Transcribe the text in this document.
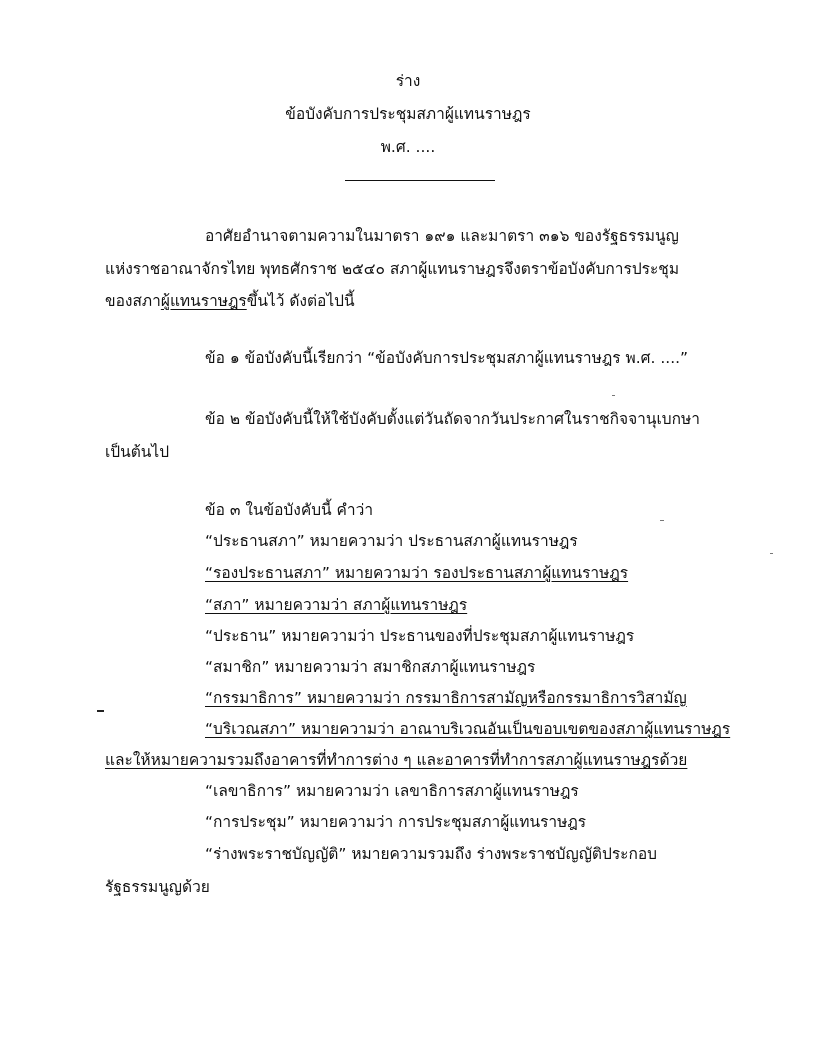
ร่าง
ข้อบังคับการประชุมสภาผู้แทนราษฎร
พ.ศ. ....
อาศัยอำนาจตามความในมาตรา ๑๙๑ และมาตรา ๓๑๖ ของรัฐธรรมนูญ
แห่งราชอาณาจักรไทย พุทธศักราช ๒๕๔๐ สภาผู้แทนราษฎรจึงตราข้อบังคับการประชุม
ของสภาผู้แทนราษฎรขึ้นไว้ ดังต่อไปนี้
ข้อ ๑ ข้อบังคับนี้เรียกว่า “ข้อบังคับการประชุมสภาผู้แทนราษฎร พ.ศ. ....”
ข้อ ๒ ข้อบังคับนี้ให้ใช้บังคับตั้งแต่วันถัดจากวันประกาศในราชกิจจานุเบกษา
เป็นต้นไป
ข้อ ๓ ในข้อบังคับนี้ คำว่า
“ประธานสภา” หมายความว่า ประธานสภาผู้แทนราษฎร
“รองประธานสภา” หมายความว่า รองประธานสภาผู้แทนราษฎร
“สภา” หมายความว่า สภาผู้แทนราษฎร
“ประธาน” หมายความว่า ประธานของที่ประชุมสภาผู้แทนราษฎร
“สมาชิก” หมายความว่า สมาชิกสภาผู้แทนราษฎร
“กรรมาธิการ” หมายความว่า กรรมาธิการสามัญหรือกรรมาธิการวิสามัญ
“บริเวณสภา” หมายความว่า อาณาบริเวณอันเป็นขอบเขตของสภาผู้แทนราษฎร
และให้หมายความรวมถึงอาคารที่ทำการต่าง ๆ และอาคารที่ทำการสภาผู้แทนราษฎรด้วย
“เลขาธิการ” หมายความว่า เลขาธิการสภาผู้แทนราษฎร
“การประชุม” หมายความว่า การประชุมสภาผู้แทนราษฎร
“ร่างพระราชบัญญัติ” หมายความรวมถึง ร่างพระราชบัญญัติประกอบ
รัฐธรรมนูญด้วย
